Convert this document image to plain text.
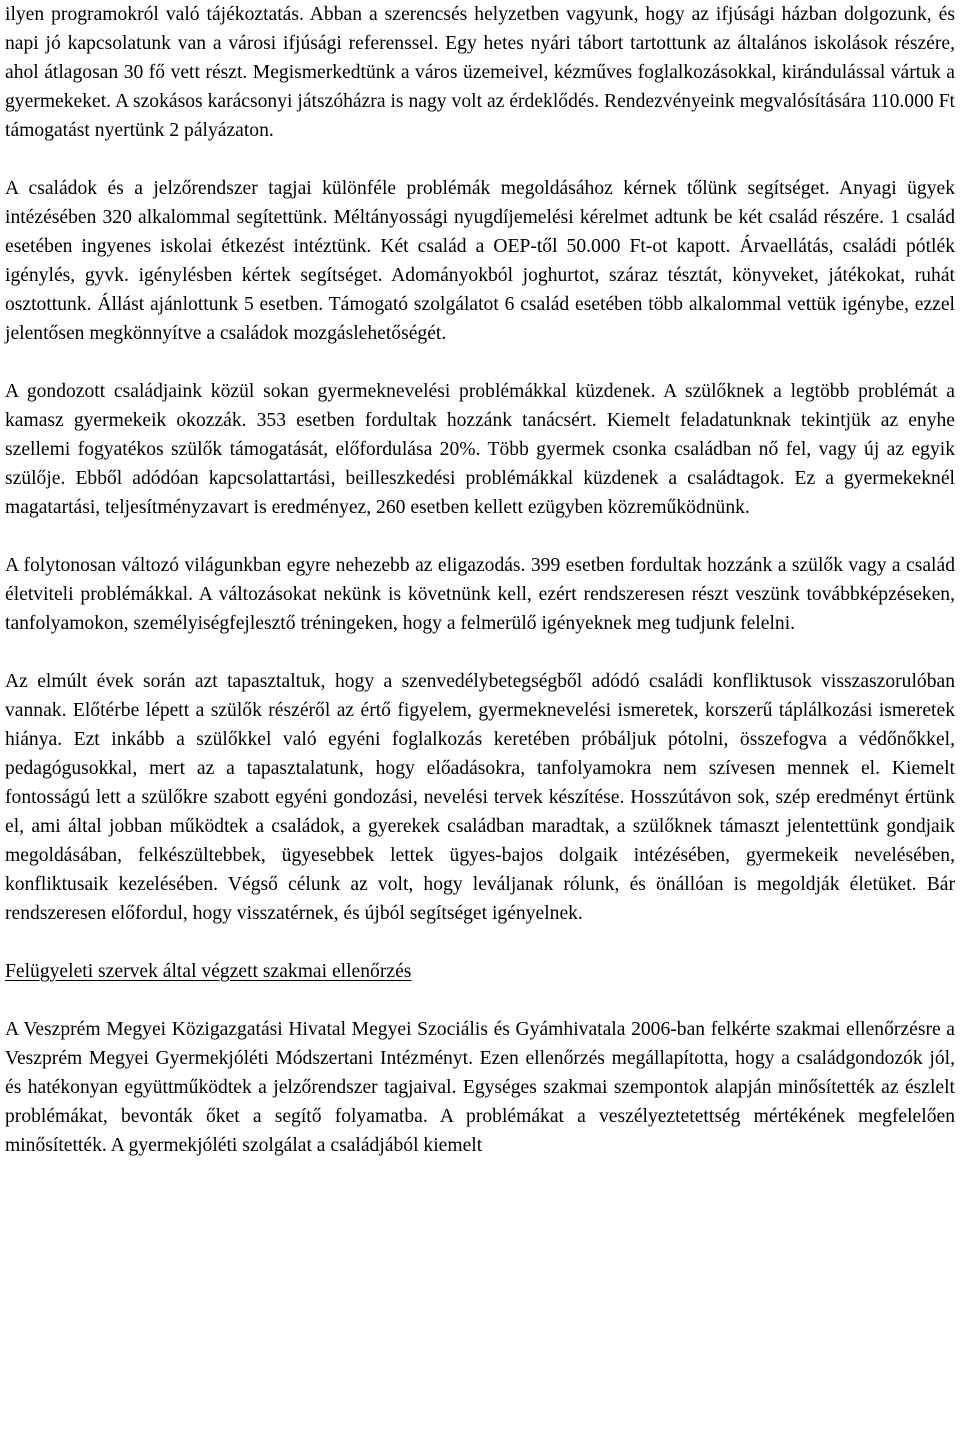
ilyen programokról való tájékoztatás. Abban a szerencsés helyzetben vagyunk, hogy az ifjúsági házban dolgozunk, és napi jó kapcsolatunk van a városi ifjúsági referenssel. Egy hetes nyári tábort tartottunk az általános iskolások részére, ahol átlagosan 30 fő vett részt. Megismerkedtünk a város üzemeivel, kézműves foglalkozásokkal, kirándulással vártuk a gyermekeket. A szokásos karácsonyi játszóházra is nagy volt az érdeklődés. Rendezvényeink megvalósítására 110.000 Ft támogatást nyertünk 2 pályázaton.

A családok és a jelzőrendszer tagjai különféle problémák megoldásához kérnek tőlünk segítséget. Anyagi ügyek intézésében 320 alkalommal segítettünk. Méltányossági nyugdíjemelési kérelmet adtunk be két család részére. 1 család esetében ingyenes iskolai étkezést intéztünk. Két család a OEP-től 50.000 Ft-ot kapott. Árvaellátás, családi pótlék igénylés, gyvk. igénylésben kértek segítséget. Adományokból joghurtot, száraz tésztát, könyveket, játékokat, ruhát osztottunk. Állást ajánlottunk 5 esetben. Támogató szolgálatot 6 család esetében több alkalommal vettük igénybe, ezzel jelentősen megkönnyítve a családok mozgáslehetőségét.

A gondozott családjaink közül sokan gyermeknevelési problémákkal küzdenek. A szülőknek a legtöbb problémát a kamasz gyermekeik okozzák. 353 esetben fordultak hozzánk tanácsért. Kiemelt feladatunknak tekintjük az enyhe szellemi fogyatékos szülők támogatását, előfordulása 20%. Több gyermek csonka családban nő fel, vagy új az egyik szülője. Ebből adódóan kapcsolattartási, beilleszkedési problémákkal küzdenek a családtagok. Ez a gyermekeknél magatartási, teljesítményzavart is eredményez, 260 esetben kellett ezügyben közreműködnünk.

A folytonosan változó világunkban egyre nehezebb az eligazodás. 399 esetben fordultak hozzánk a szülők vagy a család életviteli problémákkal. A változásokat nekünk is követnünk kell, ezért rendszeresen részt veszünk továbbképzéseken, tanfolyamokon, személyiségfejlesztő tréningeken, hogy a felmerülő igényeknek meg tudjunk felelni.

Az elmúlt évek során azt tapasztaltuk, hogy a szenvedélybetegségből adódó családi konfliktusok visszaszorulóban vannak. Előtérbe lépett a szülők részéről az értő figyelem, gyermeknevelési ismeretek, korszerű táplálkozási ismeretek hiánya. Ezt inkább a szülőkkel való egyéni foglalkozás keretében próbáljuk pótolni, összefogva a védőnőkkel, pedagógusokkal, mert az a tapasztalatunk, hogy előadásokra, tanfolyamokra nem szívesen mennek el. Kiemelt fontosságú lett a szülőkre szabott egyéni gondozási, nevelési tervek készítése. Hosszútávon sok, szép eredményt értünk el, ami által jobban működtek a családok, a gyerekek családban maradtak, a szülőknek támaszt jelentettünk gondjaik megoldásában, felkészültebbek, ügyesebbek lettek ügyes-bajos dolgaik intézésében, gyermekeik nevelésében, konfliktusaik kezelésében. Végső célunk az volt, hogy leváljanak rólunk, és önállóan is megoldják életüket. Bár rendszeresen előfordul, hogy visszatérnek, és újból segítséget igényelnek.

Felügyeleti szervek által végzett szakmai ellenőrzés

A Veszprém Megyei Közigazgatási Hivatal Megyei Szociális és Gyámhivatala 2006-ban felkérte szakmai ellenőrzésre a Veszprém Megyei Gyermekjóléti Módszertani Intézményt. Ezen ellenőrzés megállapította, hogy a családgondozók jól, és hatékonyan együttműködtek a jelzőrendszer tagjaival. Egységes szakmai szempontok alapján minősítették az észlelt problémákat, bevonták őket a segítő folyamatba. A problémákat a veszélyeztetettség mértékének megfelelően minősítették. A gyermekjóléti szolgálat a családjából kiemelt
